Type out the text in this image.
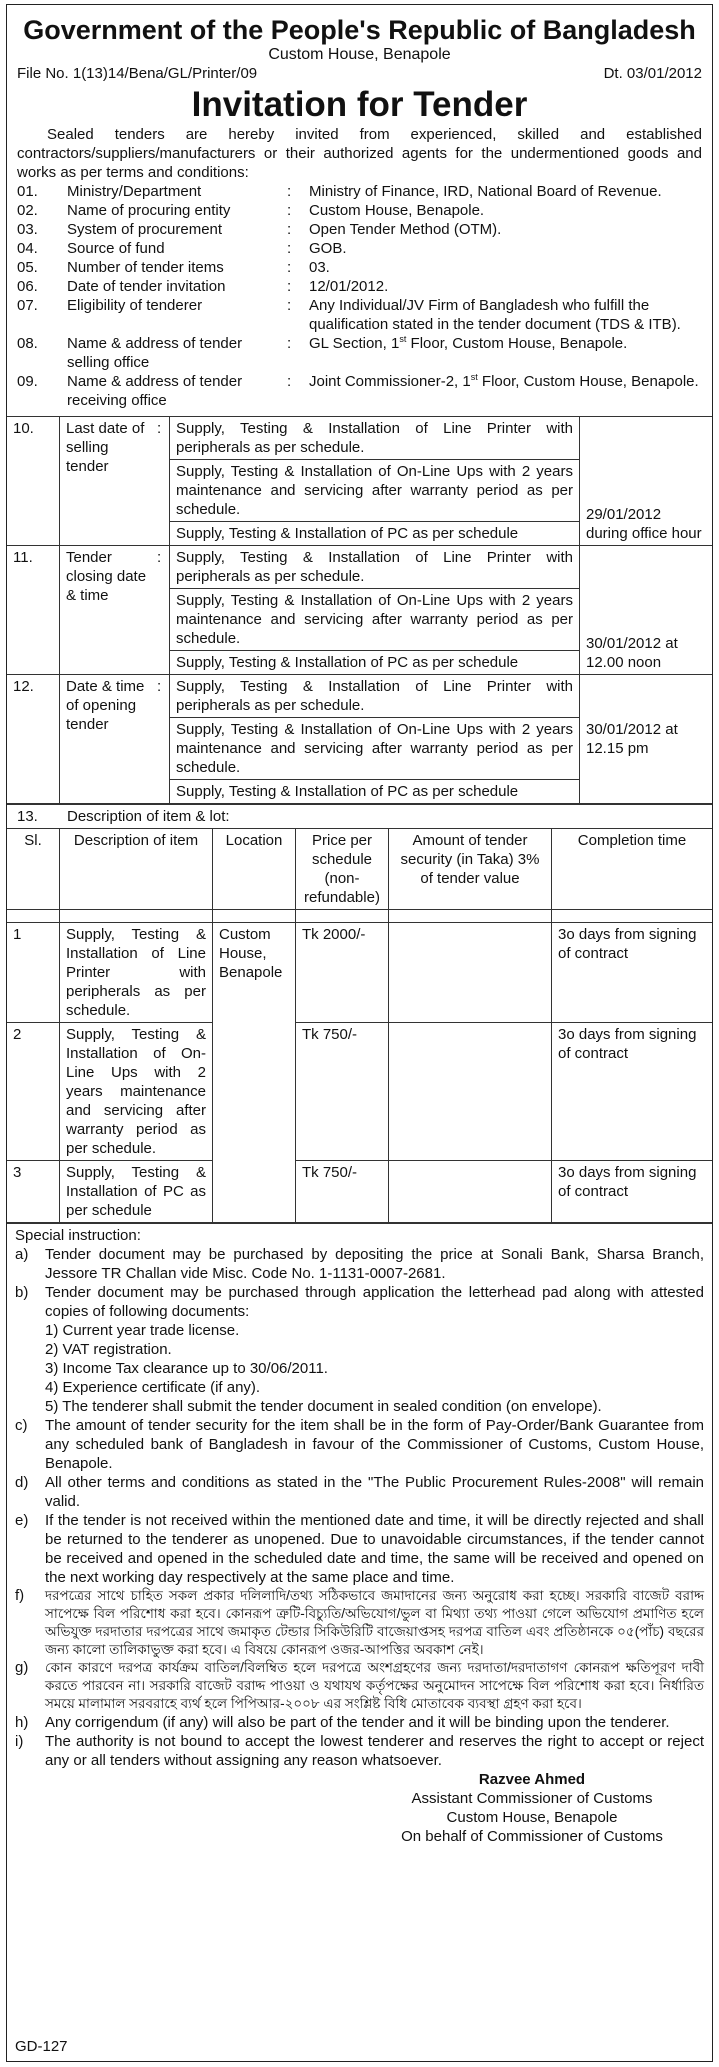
Government of the People's Republic of Bangladesh
Custom House, Benapole
File No. 1(13)14/Bena/GL/Printer/09	Dt. 03/01/2012
Invitation for Tender
Sealed tenders are hereby invited from experienced, skilled and established contractors/suppliers/manufacturers or their authorized agents for the undermentioned goods and works as per terms and conditions:
01.	Ministry/Department	:	Ministry of Finance, IRD, National Board of Revenue.
02.	Name of procuring entity	:	Custom House, Benapole.
03.	System of procurement	:	Open Tender Method (OTM).
04.	Source of fund	:	GOB.
05.	Number of tender items	:	03.
06.	Date of tender invitation	:	12/01/2012.
07.	Eligibility of tenderer	:	Any Individual/JV Firm of Bangladesh who fulfill the qualification stated in the tender document (TDS & ITB).
08.	Name & address of tender selling office
:	GL Section, 1st Floor, Custom House, Benapole.
09.	Name & address of tender receiving office
:	Joint Commissioner-2, 1st Floor, Custom House, Benapole.
10.	Last date of selling tender	:	Supply, Testing & Installation of Line Printer with peripherals as per schedule.	29/01/2012 during office hour
			Supply, Testing & Installation of On-Line Ups with 2 years maintenance and servicing after warranty period as per schedule.	
			Supply, Testing & Installation of PC as per schedule	
11.	Tender closing date & time	:	Supply, Testing & Installation of Line Printer with peripherals as per schedule.	30/01/2012 at 12.00 noon
			Supply, Testing & Installation of On-Line Ups with 2 years maintenance and servicing after warranty period as per schedule.	
			Supply, Testing & Installation of PC as per schedule	
12.	Date & time of opening tender	:	Supply, Testing & Installation of Line Printer with peripherals as per schedule.	30/01/2012 at 12.15 pm
			Supply, Testing & Installation of On-Line Ups with 2 years maintenance and servicing after warranty period as per schedule.	
			Supply, Testing & Installation of PC as per schedule	
13. Description of item & lot:
Sl.	Description of item	Location	Price per schedule (non-refundable)	Amount of tender security (in Taka) 3% of tender value	Completion time

1	Supply, Testing & Installation of Line Printer with peripherals as per schedule.	Custom House, Benapole	Tk 2000/-		3o days from signing of contract
2	Supply, Testing & Installation of On-Line Ups with 2 years maintenance and servicing after warranty period as per schedule.		Tk 750/-		3o days from signing of contract
3	Supply, Testing & Installation of PC as per schedule		Tk 750/-		3o days from signing of contract
Special instruction:
a)	Tender document may be purchased by depositing the price at Sonali Bank, Sharsa Branch, Jessore TR Challan vide Misc. Code No. 1-1131-0007-2681.
b)	Tender document may be purchased through application the letterhead pad along with attested copies of following documents:
1) Current year trade license.
2) VAT registration.
3) Income Tax clearance up to 30/06/2011.
4) Experience certificate (if any).
5) The tenderer shall submit the tender document in sealed condition (on envelope).
c)	The amount of tender security for the item shall be in the form of Pay-Order/Bank Guarantee from any scheduled bank of Bangladesh in favour of the Commissioner of Customs, Custom House, Benapole.
d)	All other terms and conditions as stated in the "The Public Procurement Rules-2008" will remain valid.
e)	If the tender is not received within the mentioned date and time, it will be directly rejected and shall be returned to the tenderer as unopened. Due to unavoidable circumstances, if the tender cannot be received and opened in the scheduled date and time, the same will be received and opened on the next working day respectively at the same place and time.
f)	দরপত্রের সাথে চাহিত সকল প্রকার দলিলাদি/তথ্য সঠিকভাবে জমাদানের জন্য অনুরোধ করা হচ্ছে। সরকারি বাজেট বরাদ্দ সাপেক্ষে বিল পরিশোধ করা হবে। কোনরূপ ত্রুটি-বিচ্যুতি/অভিযোগ/ভুল বা মিথ্যা তথ্য পাওয়া গেলে অভিযোগ প্রমাণিত হলে অভিযুক্ত দরদাতার দরপত্রের সাথে জমাকৃত টেন্ডার সিকিউরিটি বাজেয়াপ্তসহ দরপত্র বাতিল এবং প্রতিষ্ঠানকে ০৫(পাঁচ) বছরের জন্য কালো তালিকাভুক্ত করা হবে। এ বিষয়ে কোনরূপ ওজর-আপত্তির অবকাশ নেই।
g)	কোন কারণে দরপত্র কার্যক্রম বাতিল/বিলম্বিত হলে দরপত্রে অংশগ্রহণের জন্য দরদাতা/দরদাতাগণ কোনরূপ ক্ষতিপূরণ দাবী করতে পারবেন না। সরকারি বাজেট বরাদ্দ পাওয়া ও যথাযথ কর্তৃপক্ষের অনুমোদন সাপেক্ষে বিল পরিশোধ করা হবে। নির্ধারিত সময়ে মালামাল সরবরাহে ব্যর্থ হলে পিপিআর-২০০৮ এর সংশ্লিষ্ট বিধি মোতাবেক ব্যবস্থা গ্রহণ করা হবে।
h)	Any corrigendum (if any) will also be part of the tender and it will be binding upon the tenderer.
i)	The authority is not bound to accept the lowest tenderer and reserves the right to accept or reject any or all tenders without assigning any reason whatsoever.
Razvee Ahmed
Assistant Commissioner of Customs
Custom House, Benapole
On behalf of Commissioner of Customs
GD-127
